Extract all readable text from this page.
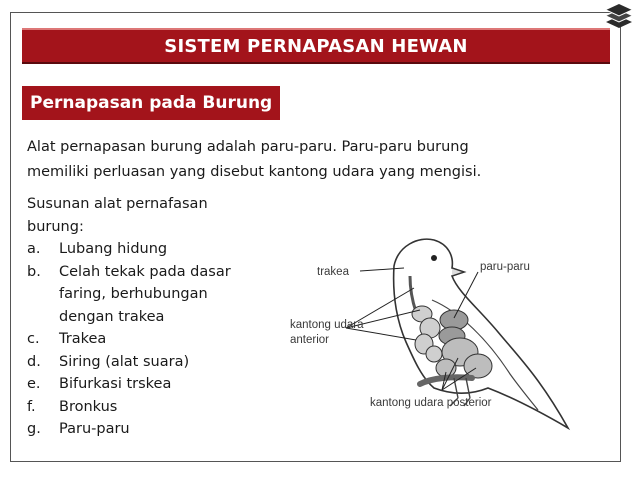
SISTEM PERNAPASAN HEWAN
Pernapasan pada Burung
Alat pernapasan burung adalah paru-paru. Paru-paru burung
memiliki perluasan yang disebut kantong udara yang mengisi.
Susunan alat pernafasan
burung:
a. Lubang hidung
b. Celah tekak pada dasar
faring, berhubungan
dengan trakea
c. Trakea
d. Siring (alat suara)
e. Bifurkasi trskea
f. Bronkus
g. Paru-paru
trakea	paru-paru
kantong udara
anterior
kantong udara posterior
